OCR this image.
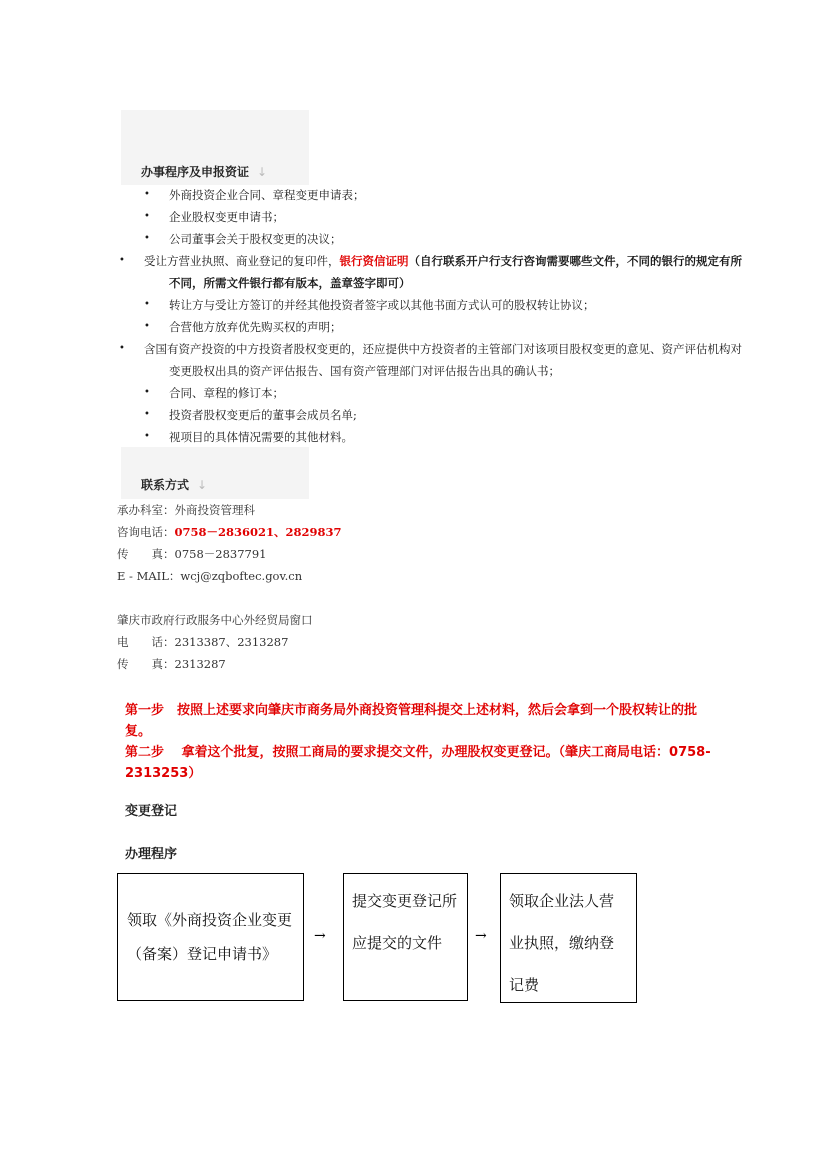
办事程序及申报资证 ↓
• 外商投资企业合同、章程变更申请表；
• 企业股权变更申请书；
• 公司董事会关于股权变更的决议；
•	受让方营业执照、商业登记的复印件，银行资信证明（自行联系开户行支行咨询需要哪些文件，不同的银行的规定有所不同，所需文件银行都有版本，盖章签字即可）
• 转让方与受让方签订的并经其他投资者签字或以其他书面方式认可的股权转让协议；
• 合营他方放弃优先购买权的声明；
•	含国有资产投资的中方投资者股权变更的，还应提供中方投资者的主管部门对该项目股权变更的意见、资产评估机构对变更股权出具的资产评估报告、国有资产管理部门对评估报告出具的确认书；
• 合同、章程的修订本；
• 投资者股权变更后的董事会成员名单;
• 视项目的具体情况需要的其他材料。
联系方式 ↓
承办科室：外商投资管理科
咨询电话：0758－2836021、2829837
传　　真：0758－2837791
E - MAIL：wcj@zqboftec.gov.cn
肇庆市政府行政服务中心外经贸局窗口
电　　话：2313387、2313287
传　　真：2313287
第一步　按照上述要求向肇庆市商务局外商投资管理科提交上述材料，然后会拿到一个股权转让的批复。
第二步　 拿着这个批复，按照工商局的要求提交文件，办理股权变更登记。（肇庆工商局电话：0758-2313253）
变更登记
办理程序
领取《外商投资企业变更（备案）登记申请书》
→
提交变更登记所应提交的文件	→
领取企业法人营业执照，缴纳登记费
